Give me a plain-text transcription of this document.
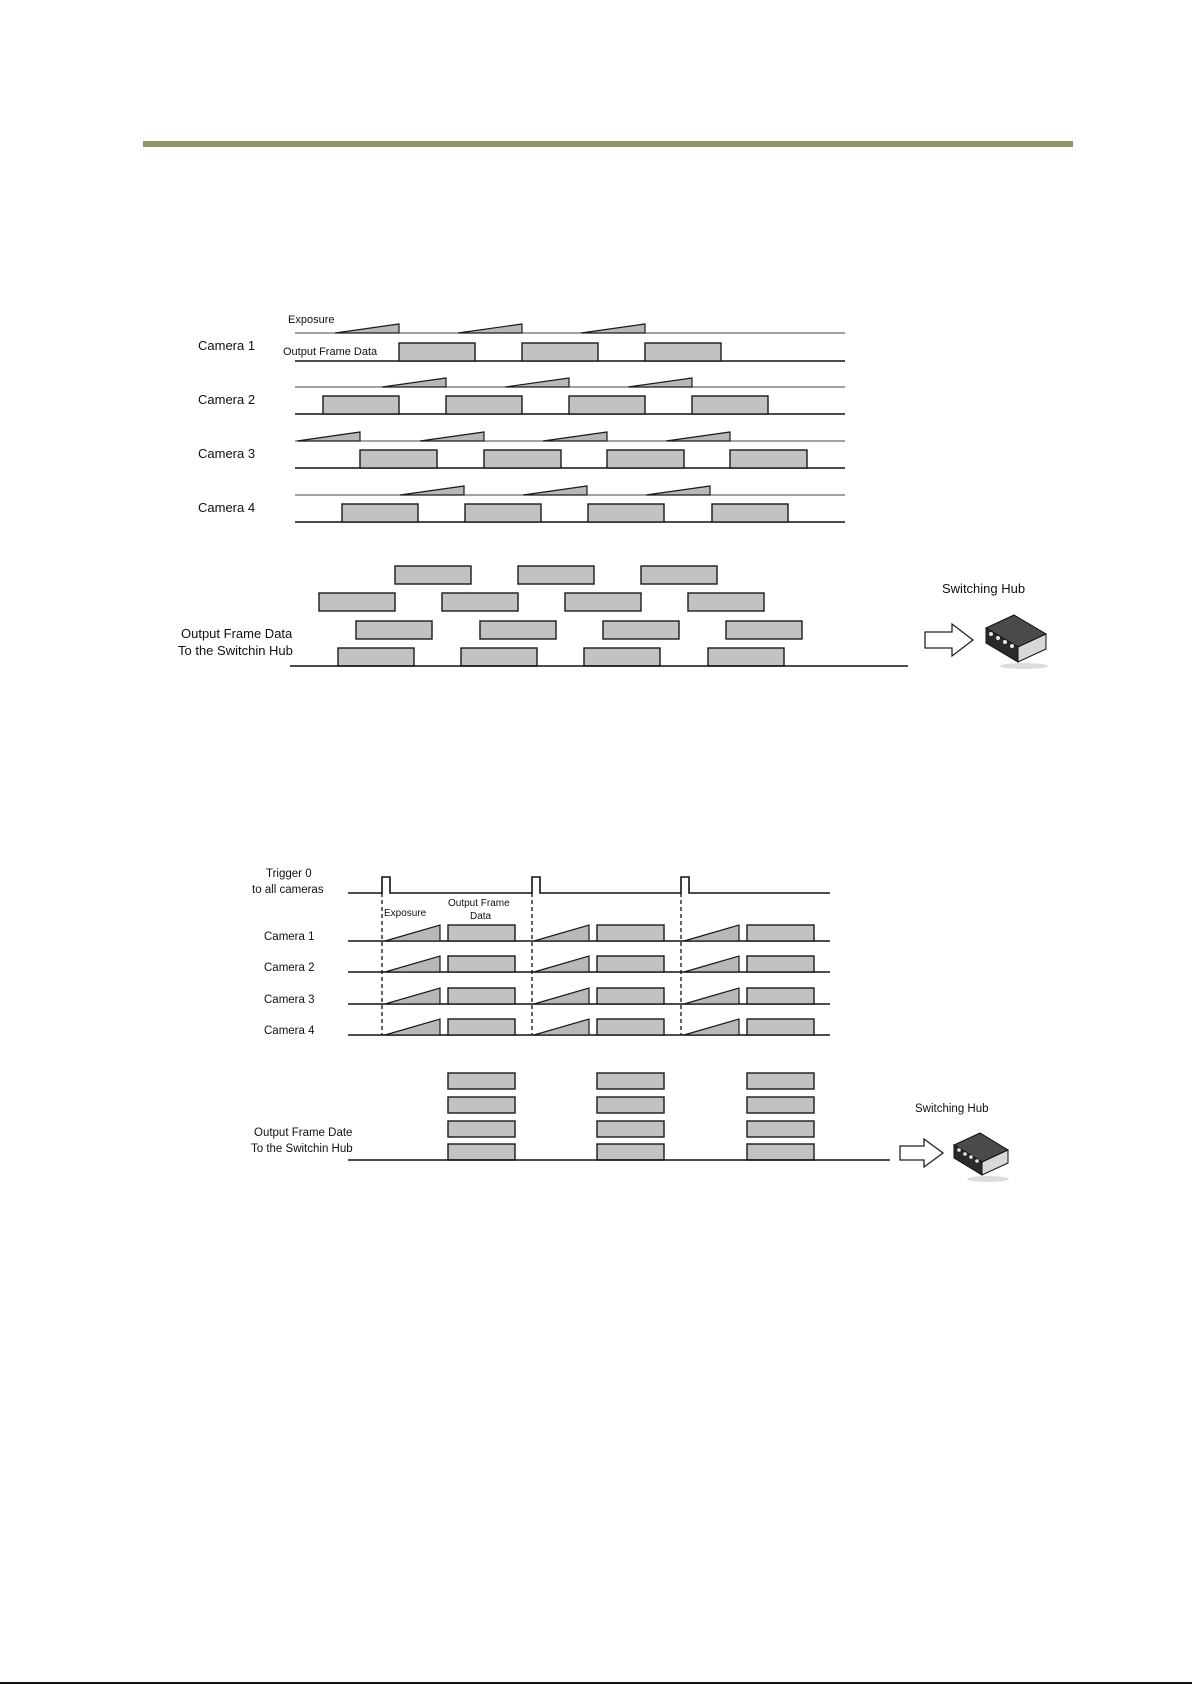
Exposure
Output Frame Data
Camera 1
Camera 2
Camera 3
Camera 4
Output Frame Data
To the Switchin Hub
Switching Hub
Trigger 0
to all cameras
Exposure
Output Frame
Data
Camera 1
Camera 2
Camera 3
Camera 4
Output Frame Date
To the Switchin Hub
Switching Hub
